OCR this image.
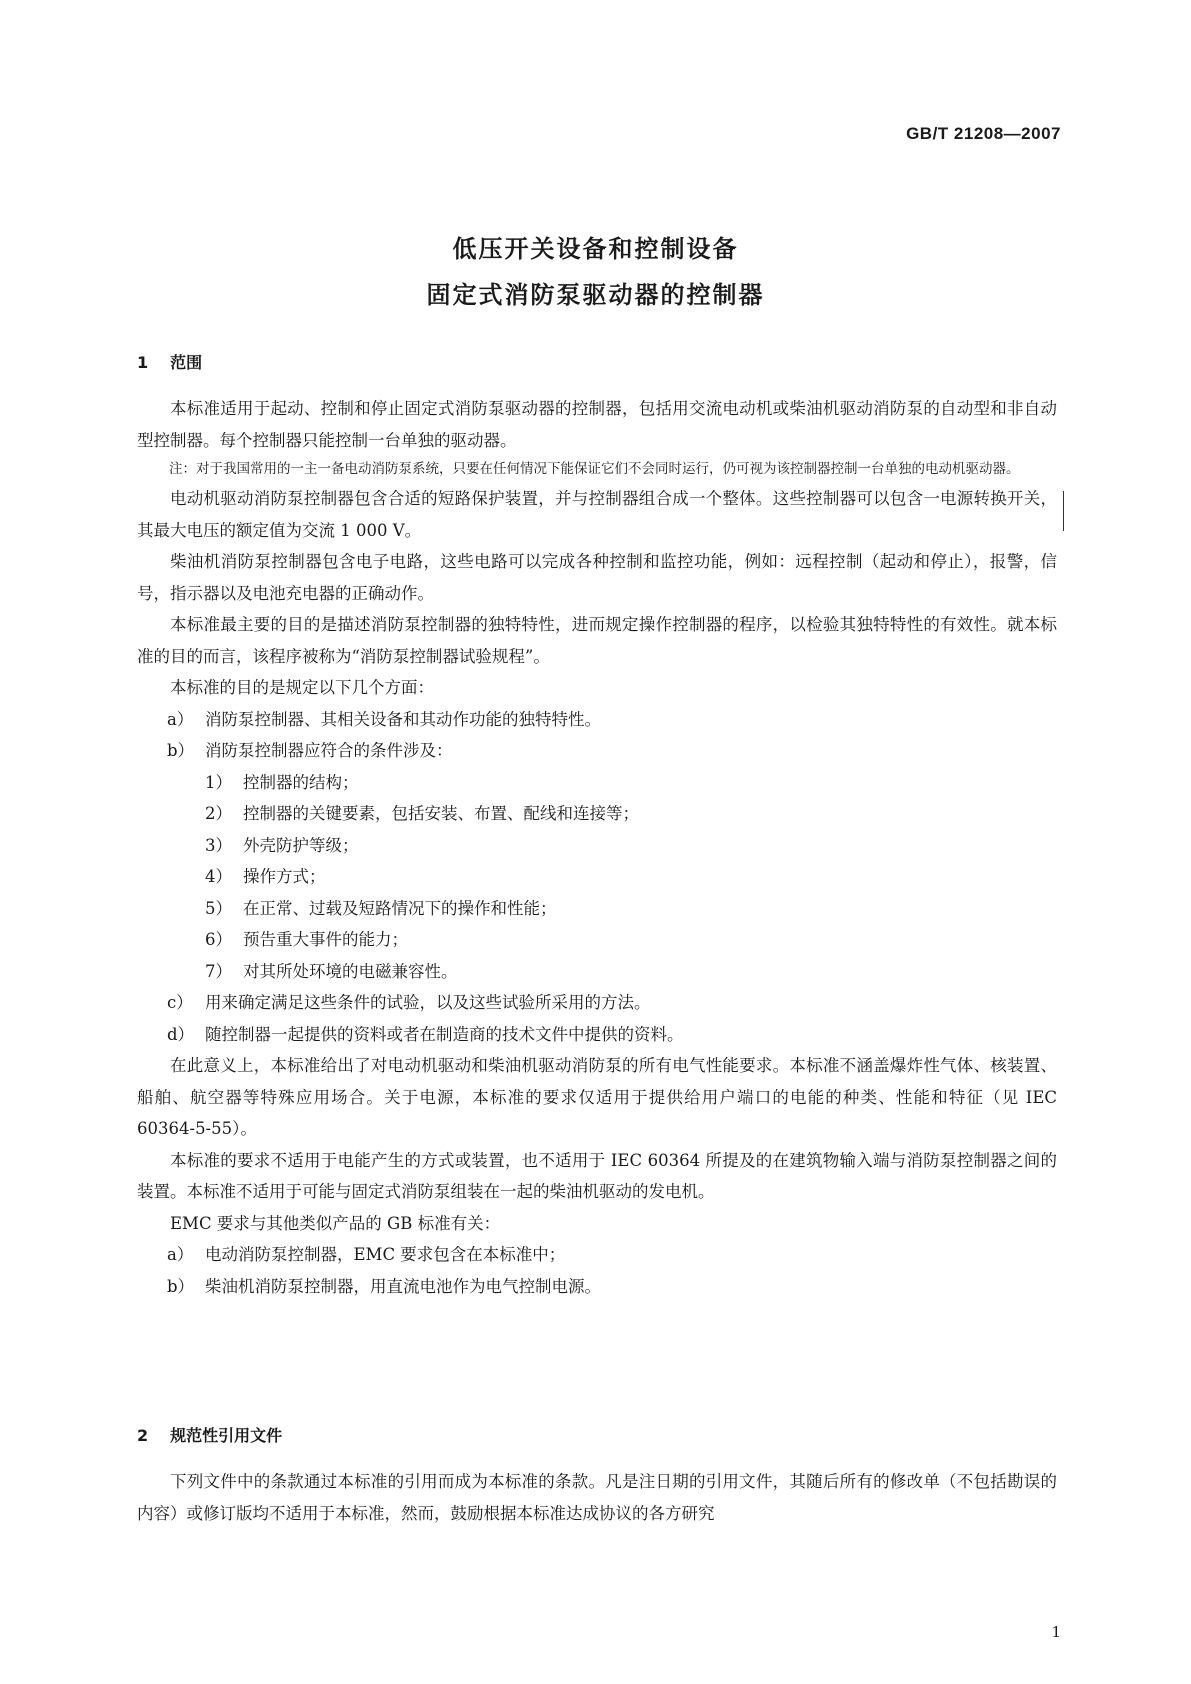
GB/T 21208—2007

低压开关设备和控制设备
固定式消防泵驱动器的控制器
1 范围

本标准适用于起动、控制和停止固定式消防泵驱动器的控制器，包括用交流电动机或柴油机驱动消防泵的自动型和非自动型控制器。每个控制器只能控制一台单独的驱动器。

注：对于我国常用的一主一备电动消防泵系统，只要在任何情况下能保证它们不会同时运行，仍可视为该控制器控制一台单独的电动机驱动器。

电动机驱动消防泵控制器包含合适的短路保护装置，并与控制器组合成一个整体。这些控制器可以包含一电源转换开关，其最大电压的额定值为交流 1 000 V。

柴油机消防泵控制器包含电子电路，这些电路可以完成各种控制和监控功能，例如：远程控制（起动和停止），报警，信号，指示器以及电池充电器的正确动作。

本标准最主要的目的是描述消防泵控制器的独特特性，进而规定操作控制器的程序，以检验其独特特性的有效性。就本标准的目的而言，该程序被称为“消防泵控制器试验规程”。

本标准的目的是规定以下几个方面：

a） 消防泵控制器、其相关设备和其动作功能的独特特性。

b） 消防泵控制器应符合的条件涉及：

1） 控制器的结构；

2） 控制器的关键要素，包括安装、布置、配线和连接等；

3） 外壳防护等级；

4） 操作方式；

5） 在正常、过载及短路情况下的操作和性能；

6） 预告重大事件的能力；

7） 对其所处环境的电磁兼容性。

c） 用来确定满足这些条件的试验，以及这些试验所采用的方法。

d） 随控制器一起提供的资料或者在制造商的技术文件中提供的资料。

在此意义上，本标准给出了对电动机驱动和柴油机驱动消防泵的所有电气性能要求。本标准不涵盖爆炸性气体、核装置、船舶、航空器等特殊应用场合。关于电源，本标准的要求仅适用于提供给用户端口的电能的种类、性能和特征（见 IEC 60364-5-55）。

本标准的要求不适用于电能产生的方式或装置，也不适用于 IEC 60364 所提及的在建筑物输入端与消防泵控制器之间的装置。本标准不适用于可能与固定式消防泵组装在一起的柴油机驱动的发电机。

EMC 要求与其他类似产品的 GB 标准有关：

a） 电动消防泵控制器，EMC 要求包含在本标准中；

b） 柴油机消防泵控制器，用直流电池作为电气控制电源。

2 规范性引用文件

下列文件中的条款通过本标准的引用而成为本标准的条款。凡是注日期的引用文件，其随后所有的修改单（不包括勘误的内容）或修订版均不适用于本标准，然而，鼓励根据本标准达成协议的各方研究

1
